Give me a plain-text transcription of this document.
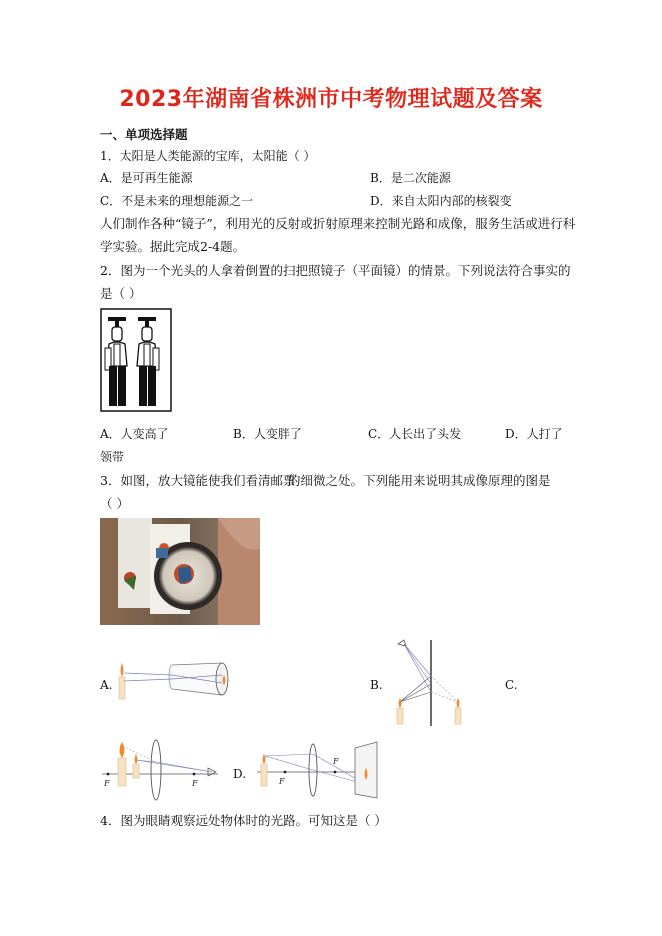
2023年湖南省株洲市中考物理试题及答案
一、单项选择题
1．太阳是人类能源的宝库，太阳能（ ）
A．是可再生能源	B．是二次能源
C．不是未来的理想能源之一	D．来自太阳内部的核裂变
人们制作各种“镜子”，利用光的反射或折射原理来控制光路和成像，服务生活或进行科
学实验。据此完成2-4题。
2．图为一个光头的人拿着倒置的扫把照镜子（平面镜）的情景。下列说法符合事实的
是（ ）
A．人变高了	B．人变胖了	C．人长出了头发	D．人打了
领带
3．如图，放大镜能使我们看清邮票
的细微之处。下列能用来说明其成像原理的图是
（ ）
A.	B.	C.
F	F
D.
F
F
4．图为眼睛观察远处物体时的光路。可知这是（ ）
